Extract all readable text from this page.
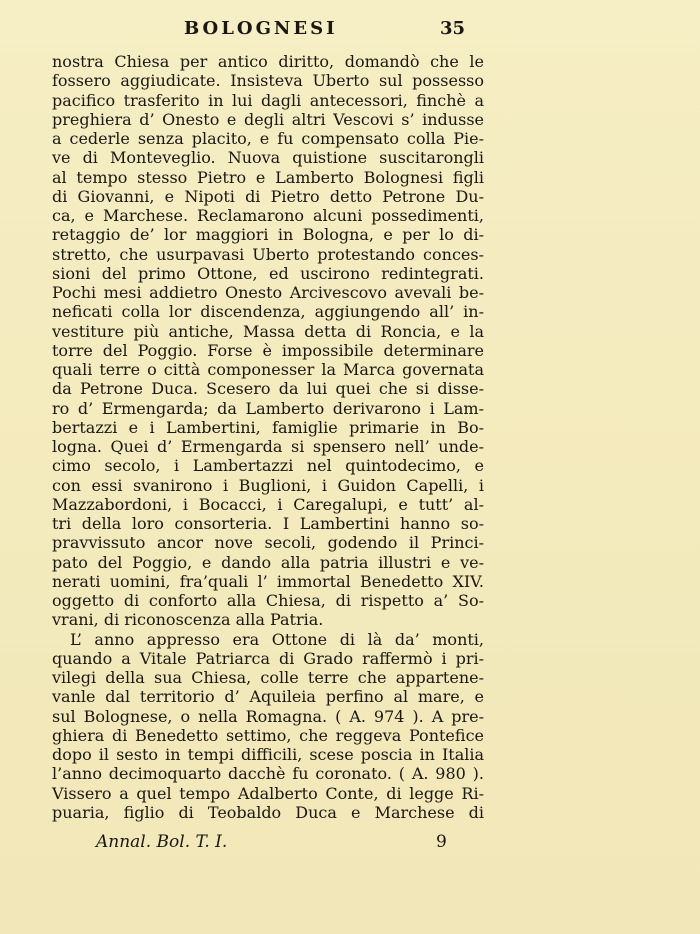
BOLOGNESI	35
nostra Chiesa per antico diritto, domandò che le
fossero aggiudicate. Insisteva Uberto sul possesso
pacifico trasferito in lui dagli antecessori, finchè a
preghiera d’ Onesto e degli altri Vescovi s’ indusse
a cederle senza placito, e fu compensato colla Pie-
ve di Monteveglio. Nuova quistione suscitarongli
al tempo stesso Pietro e Lamberto Bolognesi figli
di Giovanni, e Nipoti di Pietro detto Petrone Du-
ca, e Marchese. Reclamarono alcuni possedimenti,
retaggio de’ lor maggiori in Bologna, e per lo di-
stretto, che usurpavasi Uberto protestando conces-
sioni del primo Ottone, ed uscirono redintegrati.
Pochi mesi addietro Onesto Arcivescovo avevali be-
neficati colla lor discendenza, aggiungendo all’ in-
vestiture più antiche, Massa detta di Roncia, e la
torre del Poggio. Forse è impossibile determinare
quali terre o città componesser la Marca governata
da Petrone Duca. Scesero da lui quei che si disse-
ro d’ Ermengarda; da Lamberto derivarono i Lam-
bertazzi e i Lambertini, famiglie primarie in Bo-
logna. Quei d’ Ermengarda si spensero nell’ unde-
cimo secolo, i Lambertazzi nel quintodecimo, e
con essi svanirono i Buglioni, i Guidon Capelli, i
Mazzabordoni, i Bocacci, i Caregalupi, e tutt’ al-
tri della loro consorteria. I Lambertini hanno so-
pravvissuto ancor nove secoli, godendo il Princi-
pato del Poggio, e dando alla patria illustri e ve-
nerati uomini, fra’quali l’ immortal Benedetto XIV.
oggetto di conforto alla Chiesa, di rispetto a’ So-
vrani, di riconoscenza alla Patria.
L’ anno appresso era Ottone di là da’ monti,
quando a Vitale Patriarca di Grado raffermò i pri-
vilegi della sua Chiesa, colle terre che appartene-
vanle dal territorio d’ Aquileia perfino al mare, e
sul Bolognese, o nella Romagna. ( A. 974 ). A pre-
ghiera di Benedetto settimo, che reggeva Pontefice
dopo il sesto in tempi difficili, scese poscia in Italia
l’anno decimoquarto dacchè fu coronato. ( A. 980 ).
Vissero a quel tempo Adalberto Conte, di legge Ri-
puaria, figlio di Teobaldo Duca e Marchese di
Annal. Bol. T. I.	9
